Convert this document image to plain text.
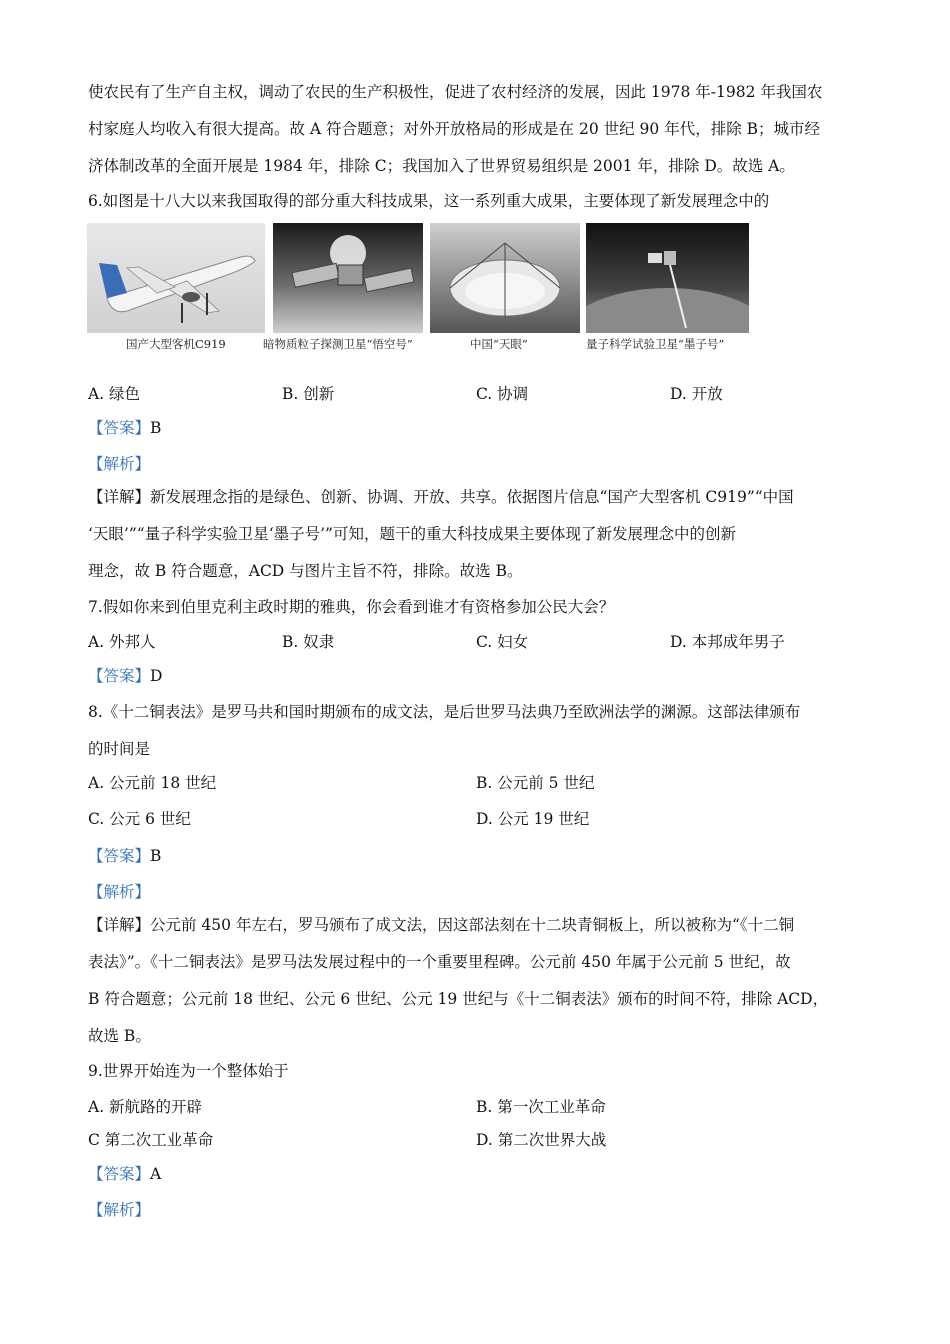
使农民有了生产自主权，调动了农民的生产积极性，促进了农村经济的发展，因此 1978 年-1982 年我国农
村家庭人均收入有很大提高。故 A 符合题意；对外开放格局的形成是在 20 世纪 90 年代，排除 B；城市经
济体制改革的全面开展是 1984 年，排除 C；我国加入了世界贸易组织是 2001 年，排除 D。故选 A。
6.如图是十八大以来我国取得的部分重大科技成果，这一系列重大成果，主要体现了新发展理念中的
国产大型客机C919	暗物质粒子探测卫星“悟空号”	中国“天眼”	量子科学试验卫星“墨子号”
A. 绿色	B. 创新	C. 协调	D. 开放
【答案】B
【解析】
【详解】新发展理念指的是绿色、创新、协调、开放、共享。依据图片信息“国产大型客机 C919”“中国
‘天眼’”“量子科学实验卫星‘墨子号’”可知，题干的重大科技成果主要体现了新发展理念中的创新
理念，故 B 符合题意，ACD 与图片主旨不符，排除。故选 B。
7.假如你来到伯里克利主政时期的雅典，你会看到谁才有资格参加公民大会？
A. 外邦人	B. 奴隶	C. 妇女	D. 本邦成年男子
【答案】D
8.《十二铜表法》是罗马共和国时期颁布的成文法，是后世罗马法典乃至欧洲法学的渊源。这部法律颁布
的时间是
A. 公元前 18 世纪	B. 公元前 5 世纪
C. 公元 6 世纪	D. 公元 19 世纪
【答案】B
【解析】
【详解】公元前 450 年左右，罗马颁布了成文法，因这部法刻在十二块青铜板上，所以被称为“《十二铜
表法》”。《十二铜表法》是罗马法发展过程中的一个重要里程碑。公元前 450 年属于公元前 5 世纪，故
B 符合题意；公元前 18 世纪、公元 6 世纪、公元 19 世纪与《十二铜表法》颁布的时间不符，排除 ACD，
故选 B。
9.世界开始连为一个整体始于
A. 新航路的开辟	B. 第一次工业革命
C 第二次工业革命	D. 第二次世界大战
【答案】A
【解析】
